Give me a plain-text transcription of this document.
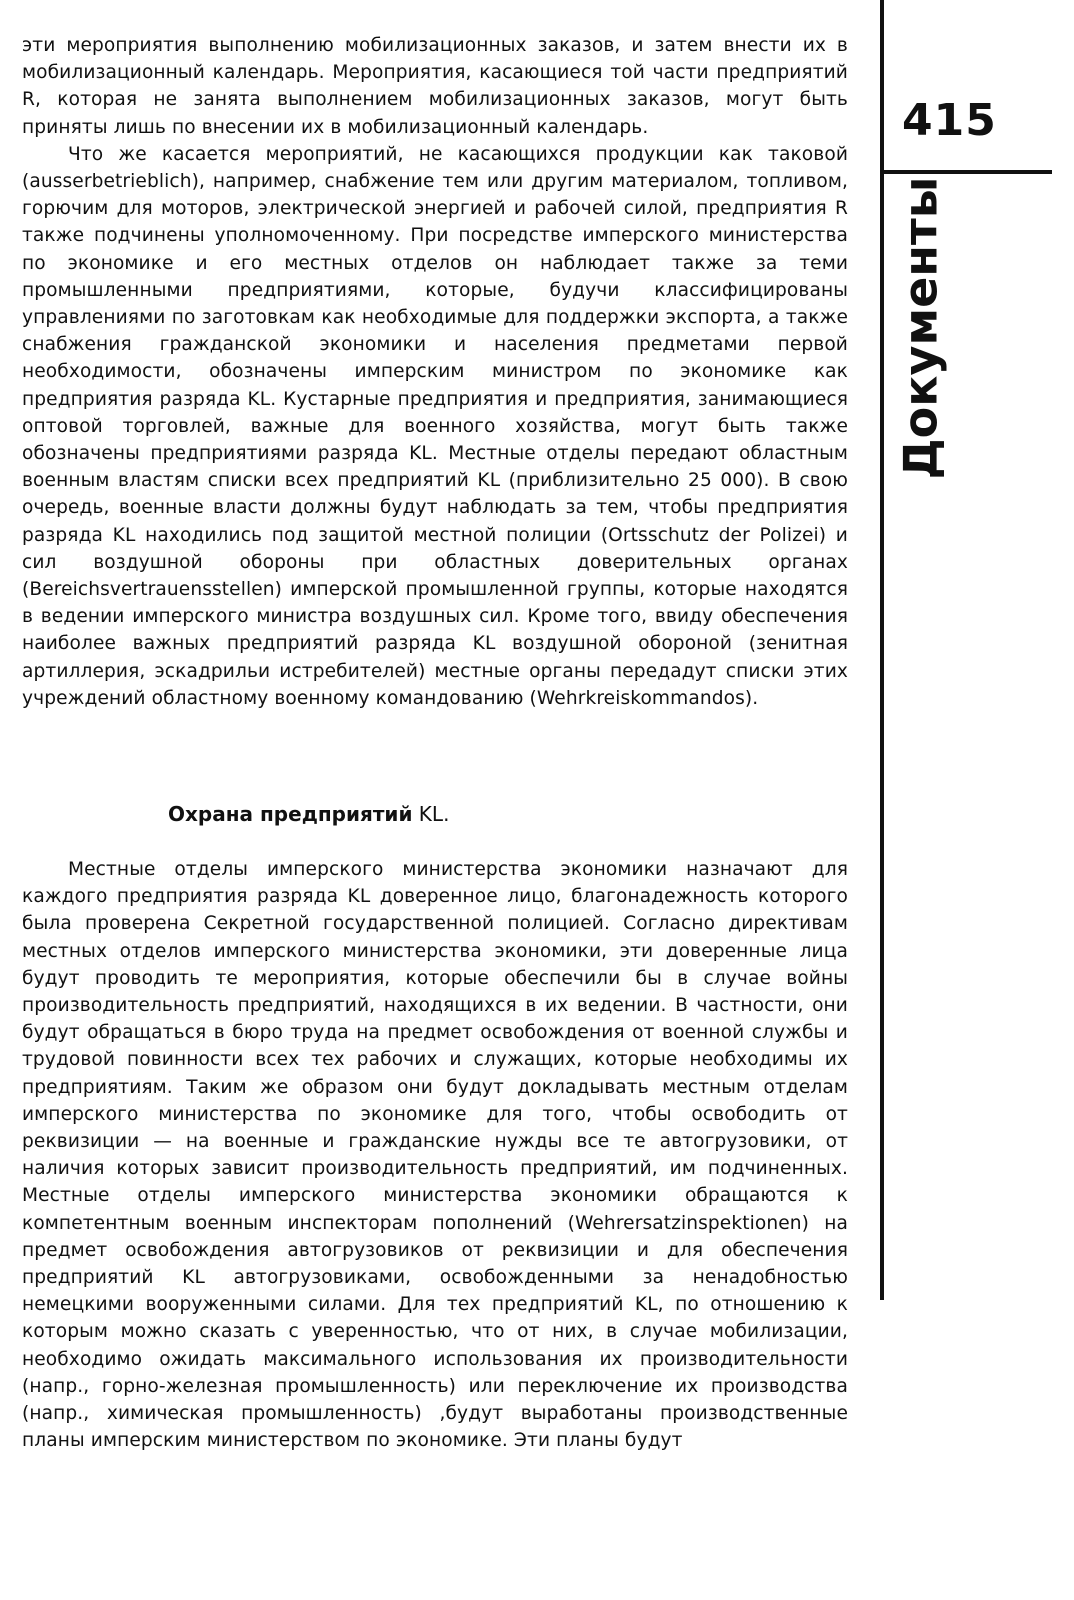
эти мероприятия выполнению мобилизационных заказов, и затем внести их в мобилизационный календарь. Мероприятия, касающиеся той части предприятий R, которая не занята выполнением мобилизационных заказов, могут быть приняты лишь по внесении их в мобилизационный календарь.

Что же касается мероприятий, не касающихся продукции как таковой (ausserbetrieblich), например, снабжение тем или другим материалом, топливом, горючим для моторов, электрической энергией и рабочей силой, предприятия R также подчинены уполномоченному. При посредстве имперского министерства по экономике и его местных отделов он наблюдает также за теми промышленными предприятиями, которые, будучи классифицированы управлениями по заготовкам как необходимые для поддержки экспорта, а также снабжения гражданской экономики и населения предметами первой необходимости, обозначены имперским министром по экономике как предприятия разряда KL. Кустарные предприятия и предприятия, занимающиеся оптовой торговлей, важные для военного хозяйства, могут быть также обозначены предприятиями разряда KL. Местные отделы передают областным военным властям списки всех предприятий KL (приблизительно 25 000). В свою очередь, военные власти должны будут наблюдать за тем, чтобы предприятия разряда KL находились под защитой местной полиции (Ortsschutz der Polizei) и сил воздушной обороны при областных доверительных органах (Bereichsvertrauensstellen) имперской промышленной группы, которые находятся в ведении имперского министра воздушных сил. Кроме того, ввиду обеспечения наиболее важных предприятий разряда KL воздушной обороной (зенитная артиллерия, эскадрильи истребителей) местные органы передадут списки этих учреждений областному военному командованию (Wehrkreiskommandos).

Охрана предприятий KL.

Местные отделы имперского министерства экономики назначают для каждого предприятия разряда KL доверенное лицо, благонадежность которого была проверена Секретной государственной полицией. Согласно директивам местных отделов имперского министерства экономики, эти доверенные лица будут проводить те мероприятия, которые обеспечили бы в случае войны производительность предприятий, находящихся в их ведении. В частности, они будут обращаться в бюро труда на предмет освобождения от военной службы и трудовой повинности всех тех рабочих и служащих, которые необходимы их предприятиям. Таким же образом они будут докладывать местным отделам имперского министерства по экономике для того, чтобы освободить от реквизиции — на военные и гражданские нужды все те автогрузовики, от наличия которых зависит производительность предприятий, им подчиненных. Местные отделы имперского министерства экономики обращаются к компетентным военным инспекторам пополнений (Wehrersatzinspektionen) на предмет освобождения автогрузовиков от реквизиции и для обеспечения предприятий KL автогрузовиками, освобожденными за ненадобностью немецкими вооруженными силами. Для тех предприятий KL, по отношению к которым можно сказать с уверенностью, что от них, в случае мобилизации, необходимо ожидать максимального использования их производительности (напр., горно-железная промышленность) или переключение их производства (напр., химическая промышленность) ,будут выработаны производственные планы имперским министерством по экономике. Эти планы будут

415
Документы
